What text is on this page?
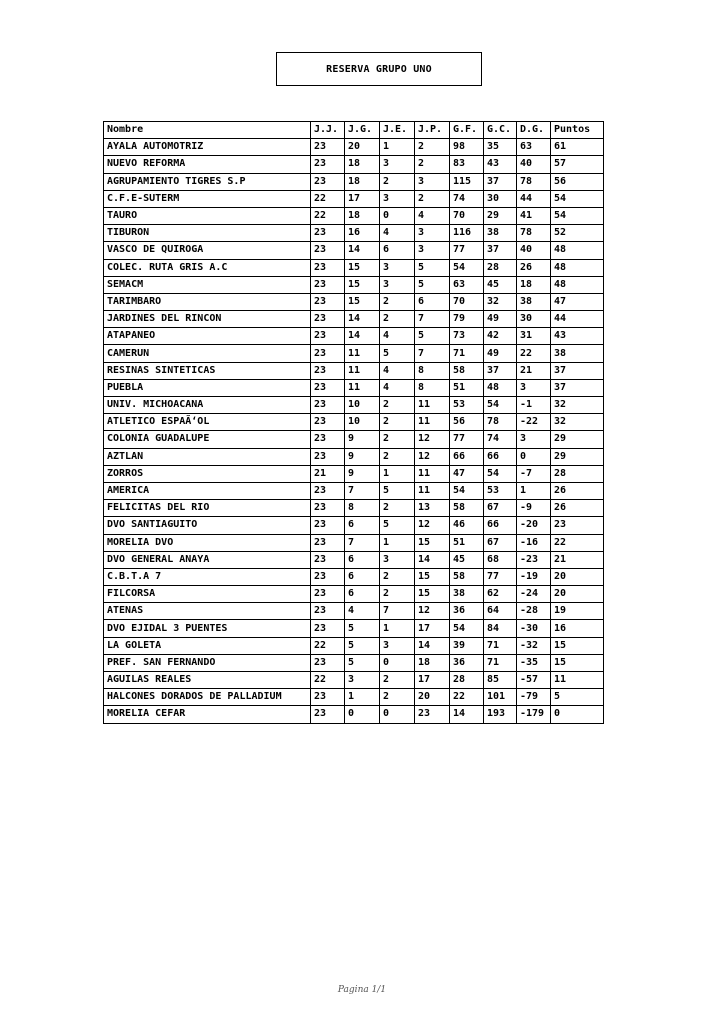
RESERVA GRUPO UNO
Nombre	J.J.	J.G.	J.E.	J.P.	G.F.	G.C.	D.G.	Puntos
AYALA AUTOMOTRIZ	23	20	1	2	98	35	63	61
NUEVO REFORMA	23	18	3	2	83	43	40	57
AGRUPAMIENTO TIGRES S.P	23	18	2	3	115	37	78	56
C.F.E-SUTERM	22	17	3	2	74	30	44	54
TAURO	22	18	0	4	70	29	41	54
TIBURON	23	16	4	3	116	38	78	52
VASCO DE QUIROGA	23	14	6	3	77	37	40	48
COLEC. RUTA GRIS A.C	23	15	3	5	54	28	26	48
SEMACM	23	15	3	5	63	45	18	48
TARIMBARO	23	15	2	6	70	32	38	47
JARDINES DEL RINCON	23	14	2	7	79	49	30	44
ATAPANEO	23	14	4	5	73	42	31	43
CAMERUN	23	11	5	7	71	49	22	38
RESINAS SINTETICAS	23	11	4	8	58	37	21	37
PUEBLA	23	11	4	8	51	48	3	37
UNIV. MICHOACANA	23	10	2	11	53	54	-1	32
ATLETICO ESPAÃ‘OL	23	10	2	11	56	78	-22	32
COLONIA GUADALUPE	23	9	2	12	77	74	3	29
AZTLAN	23	9	2	12	66	66	0	29
ZORROS	21	9	1	11	47	54	-7	28
AMERICA	23	7	5	11	54	53	1	26
FELICITAS DEL RIO	23	8	2	13	58	67	-9	26
DVO SANTIAGUITO	23	6	5	12	46	66	-20	23
MORELIA DVO	23	7	1	15	51	67	-16	22
DVO GENERAL ANAYA	23	6	3	14	45	68	-23	21
C.B.T.A 7	23	6	2	15	58	77	-19	20
FILCORSA	23	6	2	15	38	62	-24	20
ATENAS	23	4	7	12	36	64	-28	19
DVO EJIDAL 3 PUENTES	23	5	1	17	54	84	-30	16
LA GOLETA	22	5	3	14	39	71	-32	15
PREF. SAN FERNANDO	23	5	0	18	36	71	-35	15
AGUILAS REALES	22	3	2	17	28	85	-57	11
HALCONES DORADOS DE PALLADIUM	23	1	2	20	22	101	-79	5
MORELIA CEFAR	23	0	0	23	14	193	-179	0
Pagina 1/1
